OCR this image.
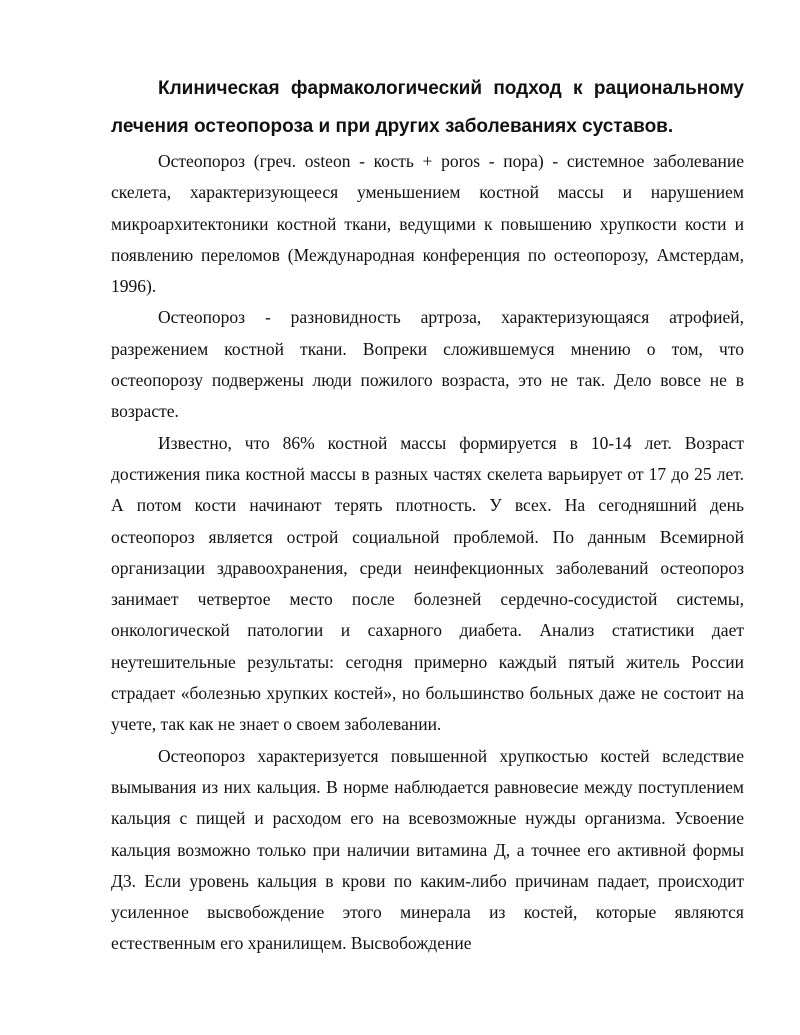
Клиническая фармакологический подход к рациональному лечения остеопороза и при других заболеваниях суставов.

Остеопороз (греч. osteon - кость + poros - пора) - системное заболевание скелета, характеризующееся уменьшением костной массы и нарушением микроархитектоники костной ткани, ведущими к повышению хрупкости кости и появлению переломов (Международная конференция по остеопорозу, Амстердам, 1996).

Остеопороз - разновидность артроза, характеризующаяся атрофией, разрежением костной ткани. Вопреки сложившемуся мнению о том, что остеопорозу подвержены люди пожилого возраста, это не так. Дело вовсе не в возрасте.

Известно, что 86% костной массы формируется в 10-14 лет. Возраст достижения пика костной массы в разных частях скелета варьирует от 17 до 25 лет. А потом кости начинают терять плотность. У всех. На сегодняшний день остеопороз является острой социальной проблемой. По данным Всемирной организации здравоохранения, среди неинфекционных заболеваний остеопороз занимает четвертое место после болезней сердечно-сосудистой системы, онкологической патологии и сахарного диабета. Анализ статистики дает неутешительные результаты: сегодня примерно каждый пятый житель России страдает «болезнью хрупких костей», но большинство больных даже не состоит на учете, так как не знает о своем заболевании.

Остеопороз характеризуется повышенной хрупкостью костей вследствие вымывания из них кальция. В норме наблюдается равновесие между поступлением кальция с пищей и расходом его на всевозможные нужды организма. Усвоение кальция возможно только при наличии витамина Д, а точнее его активной формы Д3. Если уровень кальция в крови по каким-либо причинам падает, происходит усиленное высвобождение этого минерала из костей, которые являются естественным его хранилищем. Высвобождение
